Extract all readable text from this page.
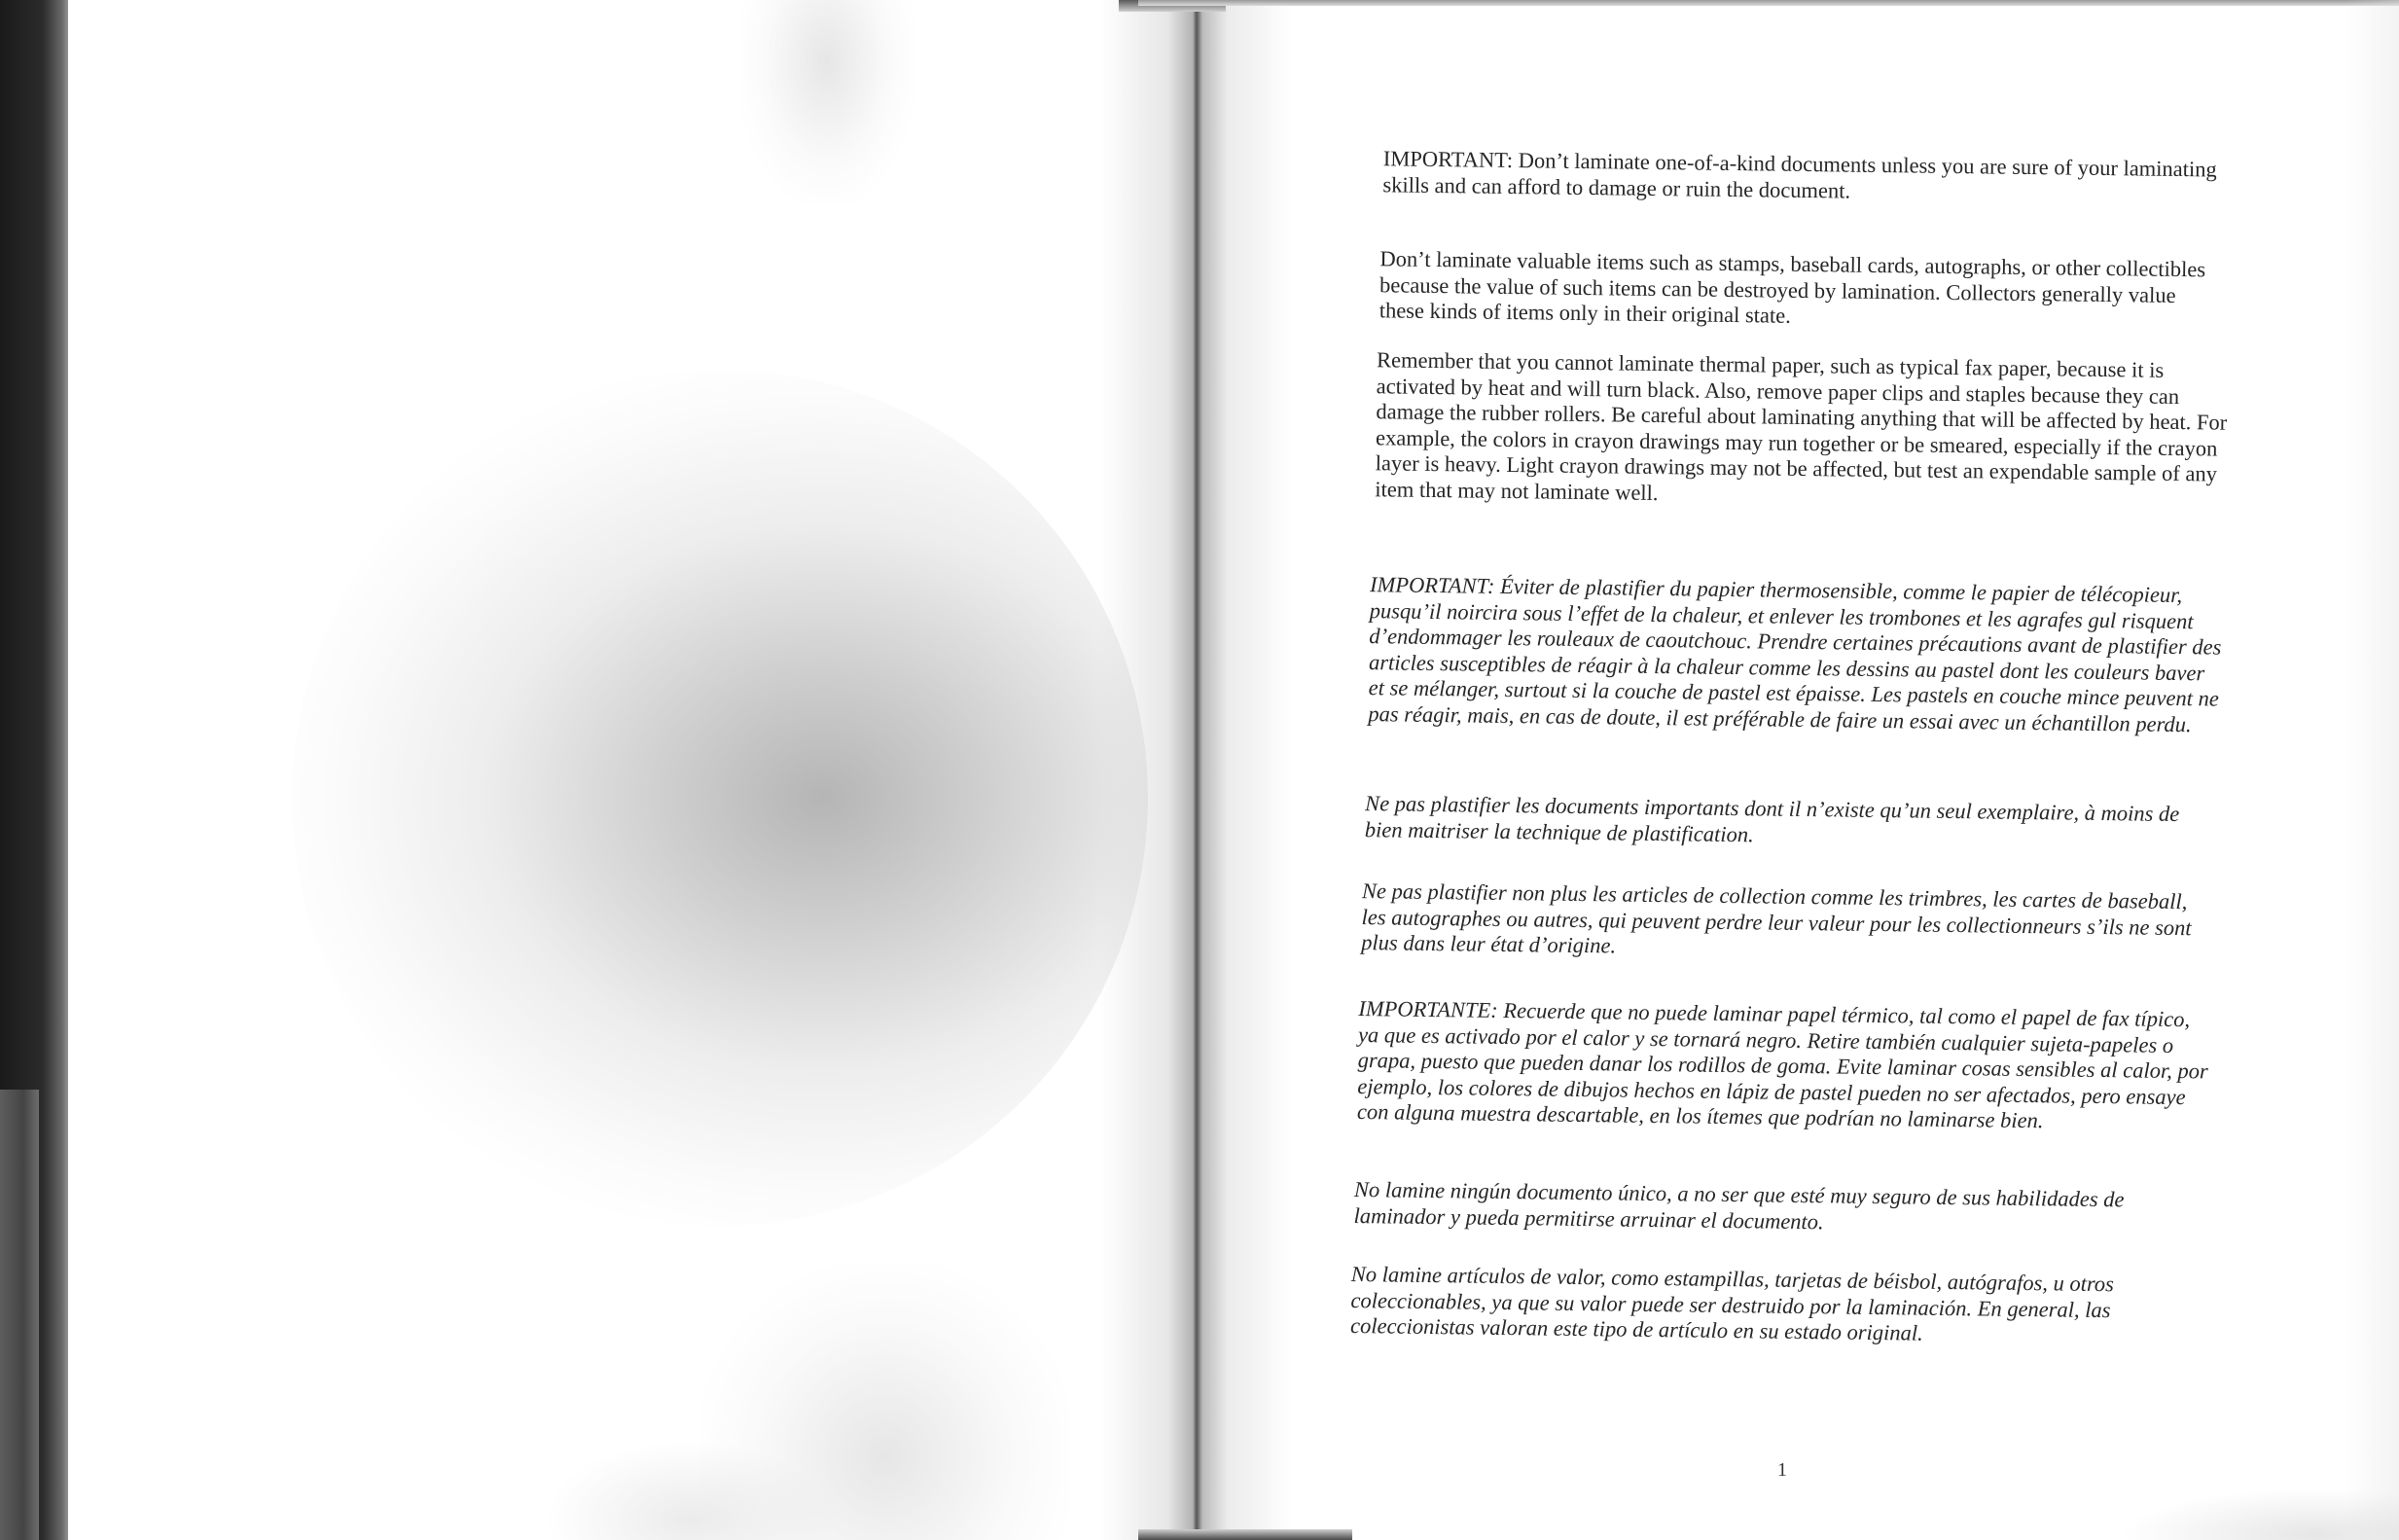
IMPORTANT: Don’t laminate one-of-a-kind documents unless you are sure of your laminating skills and can afford to damage or ruin the document.

Don’t laminate valuable items such as stamps, baseball cards, autographs, or other collectibles because the value of such items can be destroyed by lamination. Collectors generally value these kinds of items only in their original state.

Remember that you cannot laminate thermal paper, such as typical fax paper, because it is activated by heat and will turn black. Also, remove paper clips and staples because they can damage the rubber rollers. Be careful about laminating anything that will be affected by heat. For example, the colors in crayon drawings may run together or be smeared, especially if the crayon layer is heavy. Light crayon drawings may not be affected, but test an expendable sample of any item that may not laminate well.

IMPORTANT: Éviter de plastifier du papier thermosensible, comme le papier de télécopieur, pusqu’il noircira sous l’effet de la chaleur, et enlever les trombones et les agrafes gul risquent d’endommager les rouleaux de caoutchouc. Prendre certaines précautions avant de plastifier des articles susceptibles de réagir à la chaleur comme les dessins au pastel dont les couleurs baver et se mélanger, surtout si la couche de pastel est épaisse. Les pastels en couche mince peuvent ne pas réagir, mais, en cas de doute, il est préférable de faire un essai avec un échantillon perdu.

Ne pas plastifier les documents importants dont il n’existe qu’un seul exemplaire, à moins de bien maitriser la technique de plastification.

Ne pas plastifier non plus les articles de collection comme les trimbres, les cartes de baseball, les autographes ou autres, qui peuvent perdre leur valeur pour les collectionneurs s’ils ne sont plus dans leur état d’origine.

IMPORTANTE: Recuerde que no puede laminar papel térmico, tal como el papel de fax típico, ya que es activado por el calor y se tornará negro. Retire también cualquier sujeta-papeles o grapa, puesto que pueden danar los rodillos de goma. Evite laminar cosas sensibles al calor, por ejemplo, los colores de dibujos hechos en lápiz de pastel pueden no ser afectados, pero ensaye con alguna muestra descartable, en los ítemes que podrían no laminarse bien.

No lamine ningún documento único, a no ser que esté muy seguro de sus habilidades de laminador y pueda permitirse arruinar el documento.

No lamine artículos de valor, como estampillas, tarjetas de béisbol, autógrafos, u otros coleccionables, ya que su valor puede ser destruido por la laminación. En general, las coleccionistas valoran este tipo de artículo en su estado original.

1
